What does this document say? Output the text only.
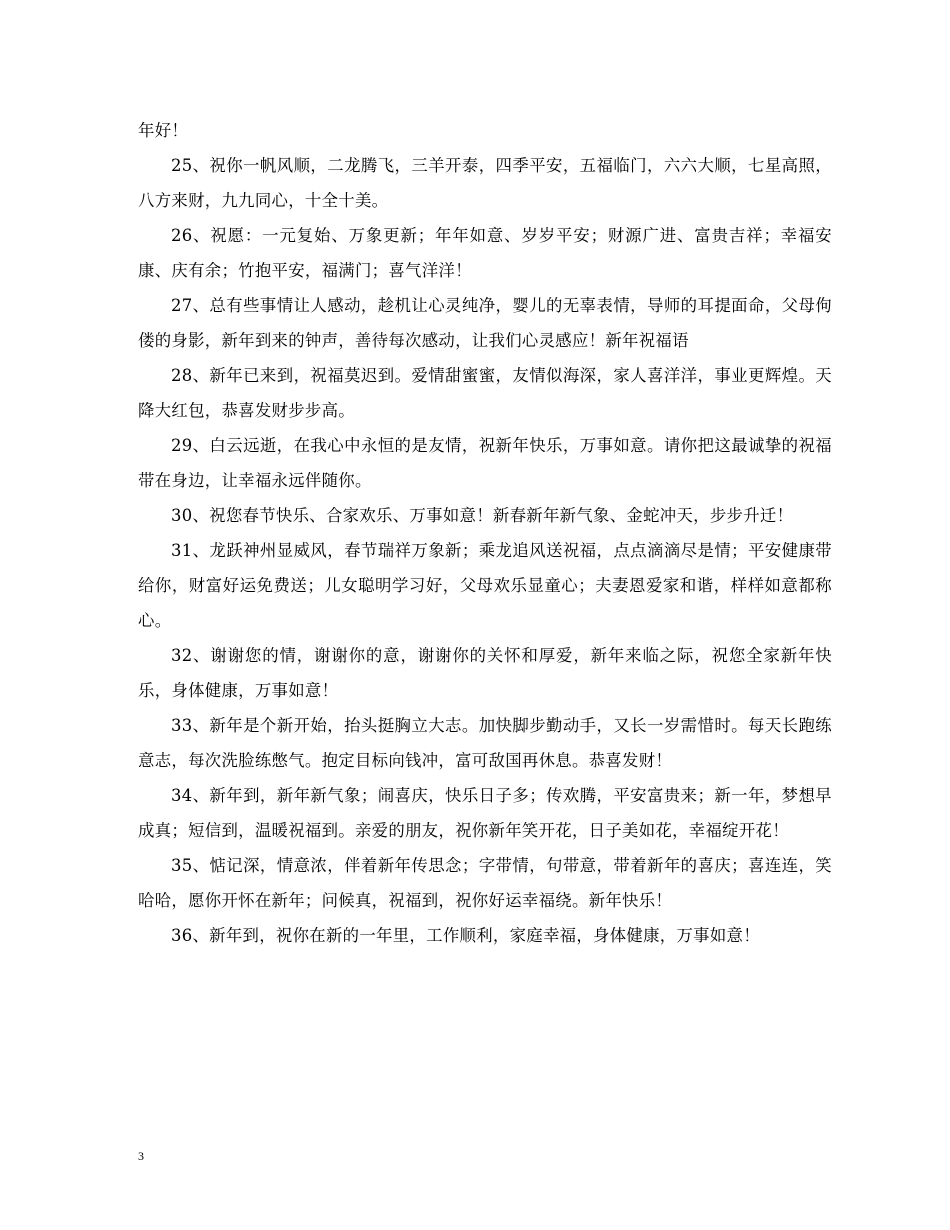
年好！

25、祝你一帆风顺，二龙腾飞，三羊开泰，四季平安，五福临门，六六大顺，七星高照，八方来财，九九同心，十全十美。

26、祝愿：一元复始、万象更新；年年如意、岁岁平安；财源广进、富贵吉祥；幸福安康、庆有余；竹抱平安，福满门；喜气洋洋！

27、总有些事情让人感动，趁机让心灵纯净，婴儿的无辜表情，导师的耳提面命，父母佝偻的身影，新年到来的钟声，善待每次感动，让我们心灵感应！新年祝福语

28、新年已来到，祝福莫迟到。爱情甜蜜蜜，友情似海深，家人喜洋洋，事业更辉煌。天降大红包，恭喜发财步步高。

29、白云远逝，在我心中永恒的是友情，祝新年快乐，万事如意。请你把这最诚挚的祝福带在身边，让幸福永远伴随你。

30、祝您春节快乐、合家欢乐、万事如意！新春新年新气象、金蛇冲天，步步升迁！

31、龙跃神州显威风，春节瑞祥万象新；乘龙追风送祝福，点点滴滴尽是情；平安健康带给你，财富好运免费送；儿女聪明学习好，父母欢乐显童心；夫妻恩爱家和谐，样样如意都称心。

32、谢谢您的情，谢谢你的意，谢谢你的关怀和厚爱，新年来临之际，祝您全家新年快乐，身体健康，万事如意！

33、新年是个新开始，抬头挺胸立大志。加快脚步勤动手，又长一岁需惜时。每天长跑练意志，每次洗脸练憋气。抱定目标向钱冲，富可敌国再休息。恭喜发财！

34、新年到，新年新气象；闹喜庆，快乐日子多；传欢腾，平安富贵来；新一年，梦想早成真；短信到，温暖祝福到。亲爱的朋友，祝你新年笑开花，日子美如花，幸福绽开花！

35、惦记深，情意浓，伴着新年传思念；字带情，句带意，带着新年的喜庆；喜连连，笑哈哈，愿你开怀在新年；问候真，祝福到，祝你好运幸福绕。新年快乐！

36、新年到，祝你在新的一年里，工作顺利，家庭幸福，身体健康，万事如意！

3
